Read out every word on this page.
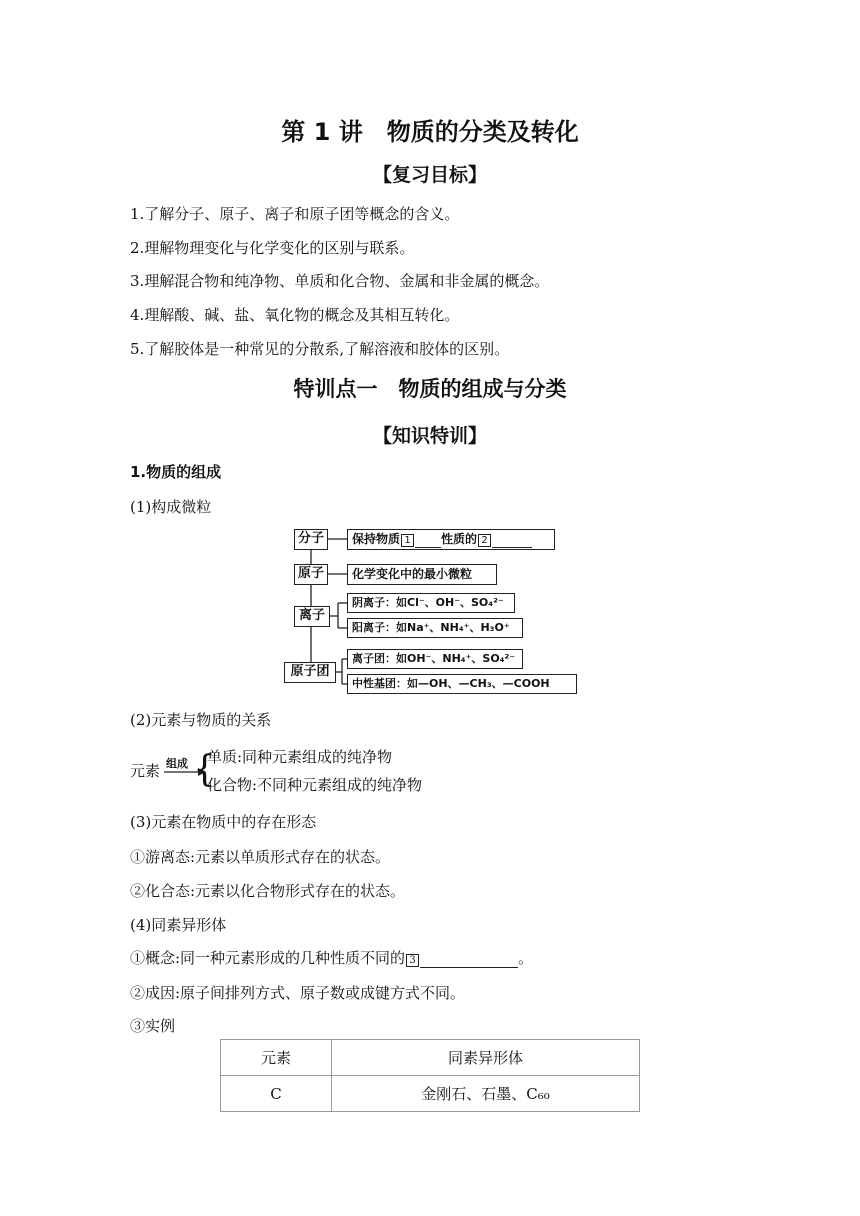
第 1 讲　物质的分类及转化
【复习目标】
1.了解分子、原子、离子和原子团等概念的含义。
2.理解物理变化与化学变化的区别与联系。
3.理解混合物和纯净物、单质和化合物、金属和非金属的概念。
4.理解酸、碱、盐、氧化物的概念及其相互转化。
5.了解胶体是一种常见的分散系,了解溶液和胶体的区别。
特训点一　物质的组成与分类
【知识特训】
1.物质的组成
(1)构成微粒
分子	保持物质 1	性质的 2
原子	化学变化中的最小微粒
离子
阴离子：如Cl⁻、OH⁻、SO₄²⁻
阳离子：如Na⁺、NH₄⁺、H₃O⁺
原子团
离子团：如OH⁻、NH₄⁺、SO₄²⁻
中性基团：如—OH、—CH₃、—COOH
(2)元素与物质的关系
元素 组成 {
单质:同种元素组成的纯净物
化合物:不同种元素组成的纯净物
(3)元素在物质中的存在形态
①游离态:元素以单质形式存在的状态。
②化合态:元素以化合物形式存在的状态。
(4)同素异形体
①概念:同一种元素形成的几种性质不同的 3	。
②成因:原子间排列方式、原子数或成键方式不同。
③实例
元素	同素异形体
C	金刚石、石墨、C₆₀
